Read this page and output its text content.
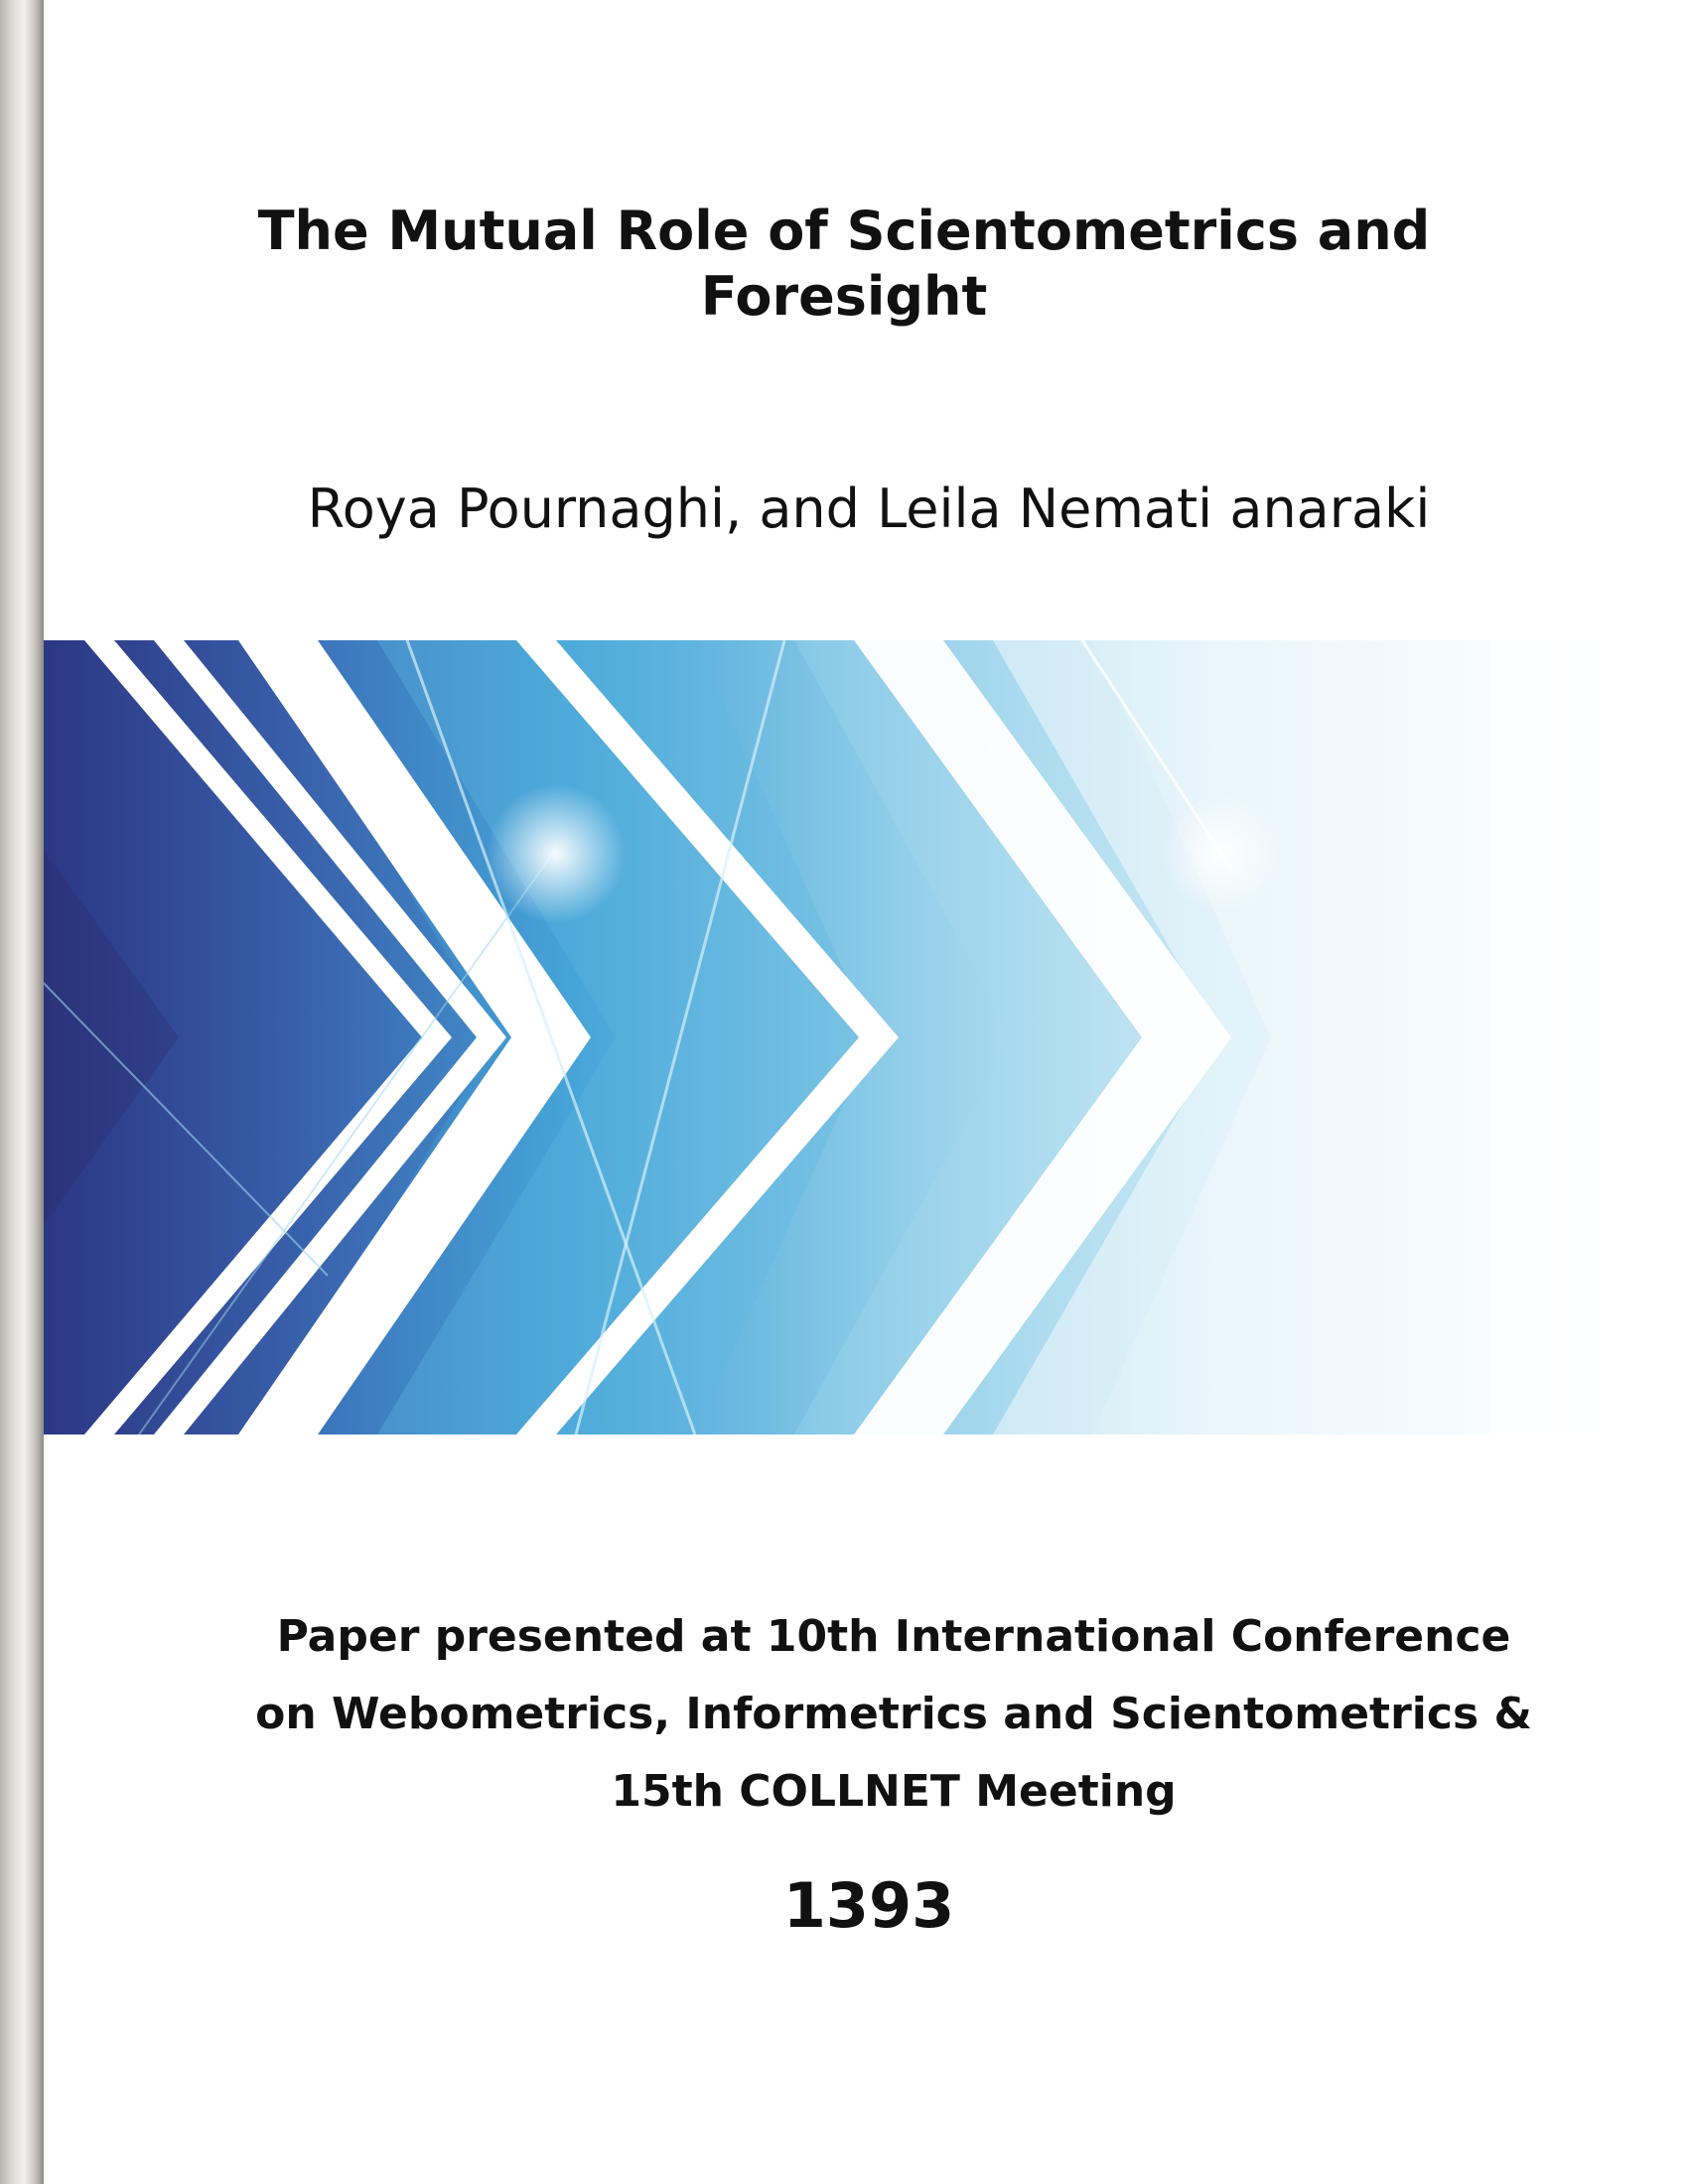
The Mutual Role of Scientometrics and
Foresight

Roya Pournaghi, and Leila Nemati anaraki

Paper presented at 10th International Conference
on Webometrics, Informetrics and Scientometrics &
15th COLLNET Meeting

1393
